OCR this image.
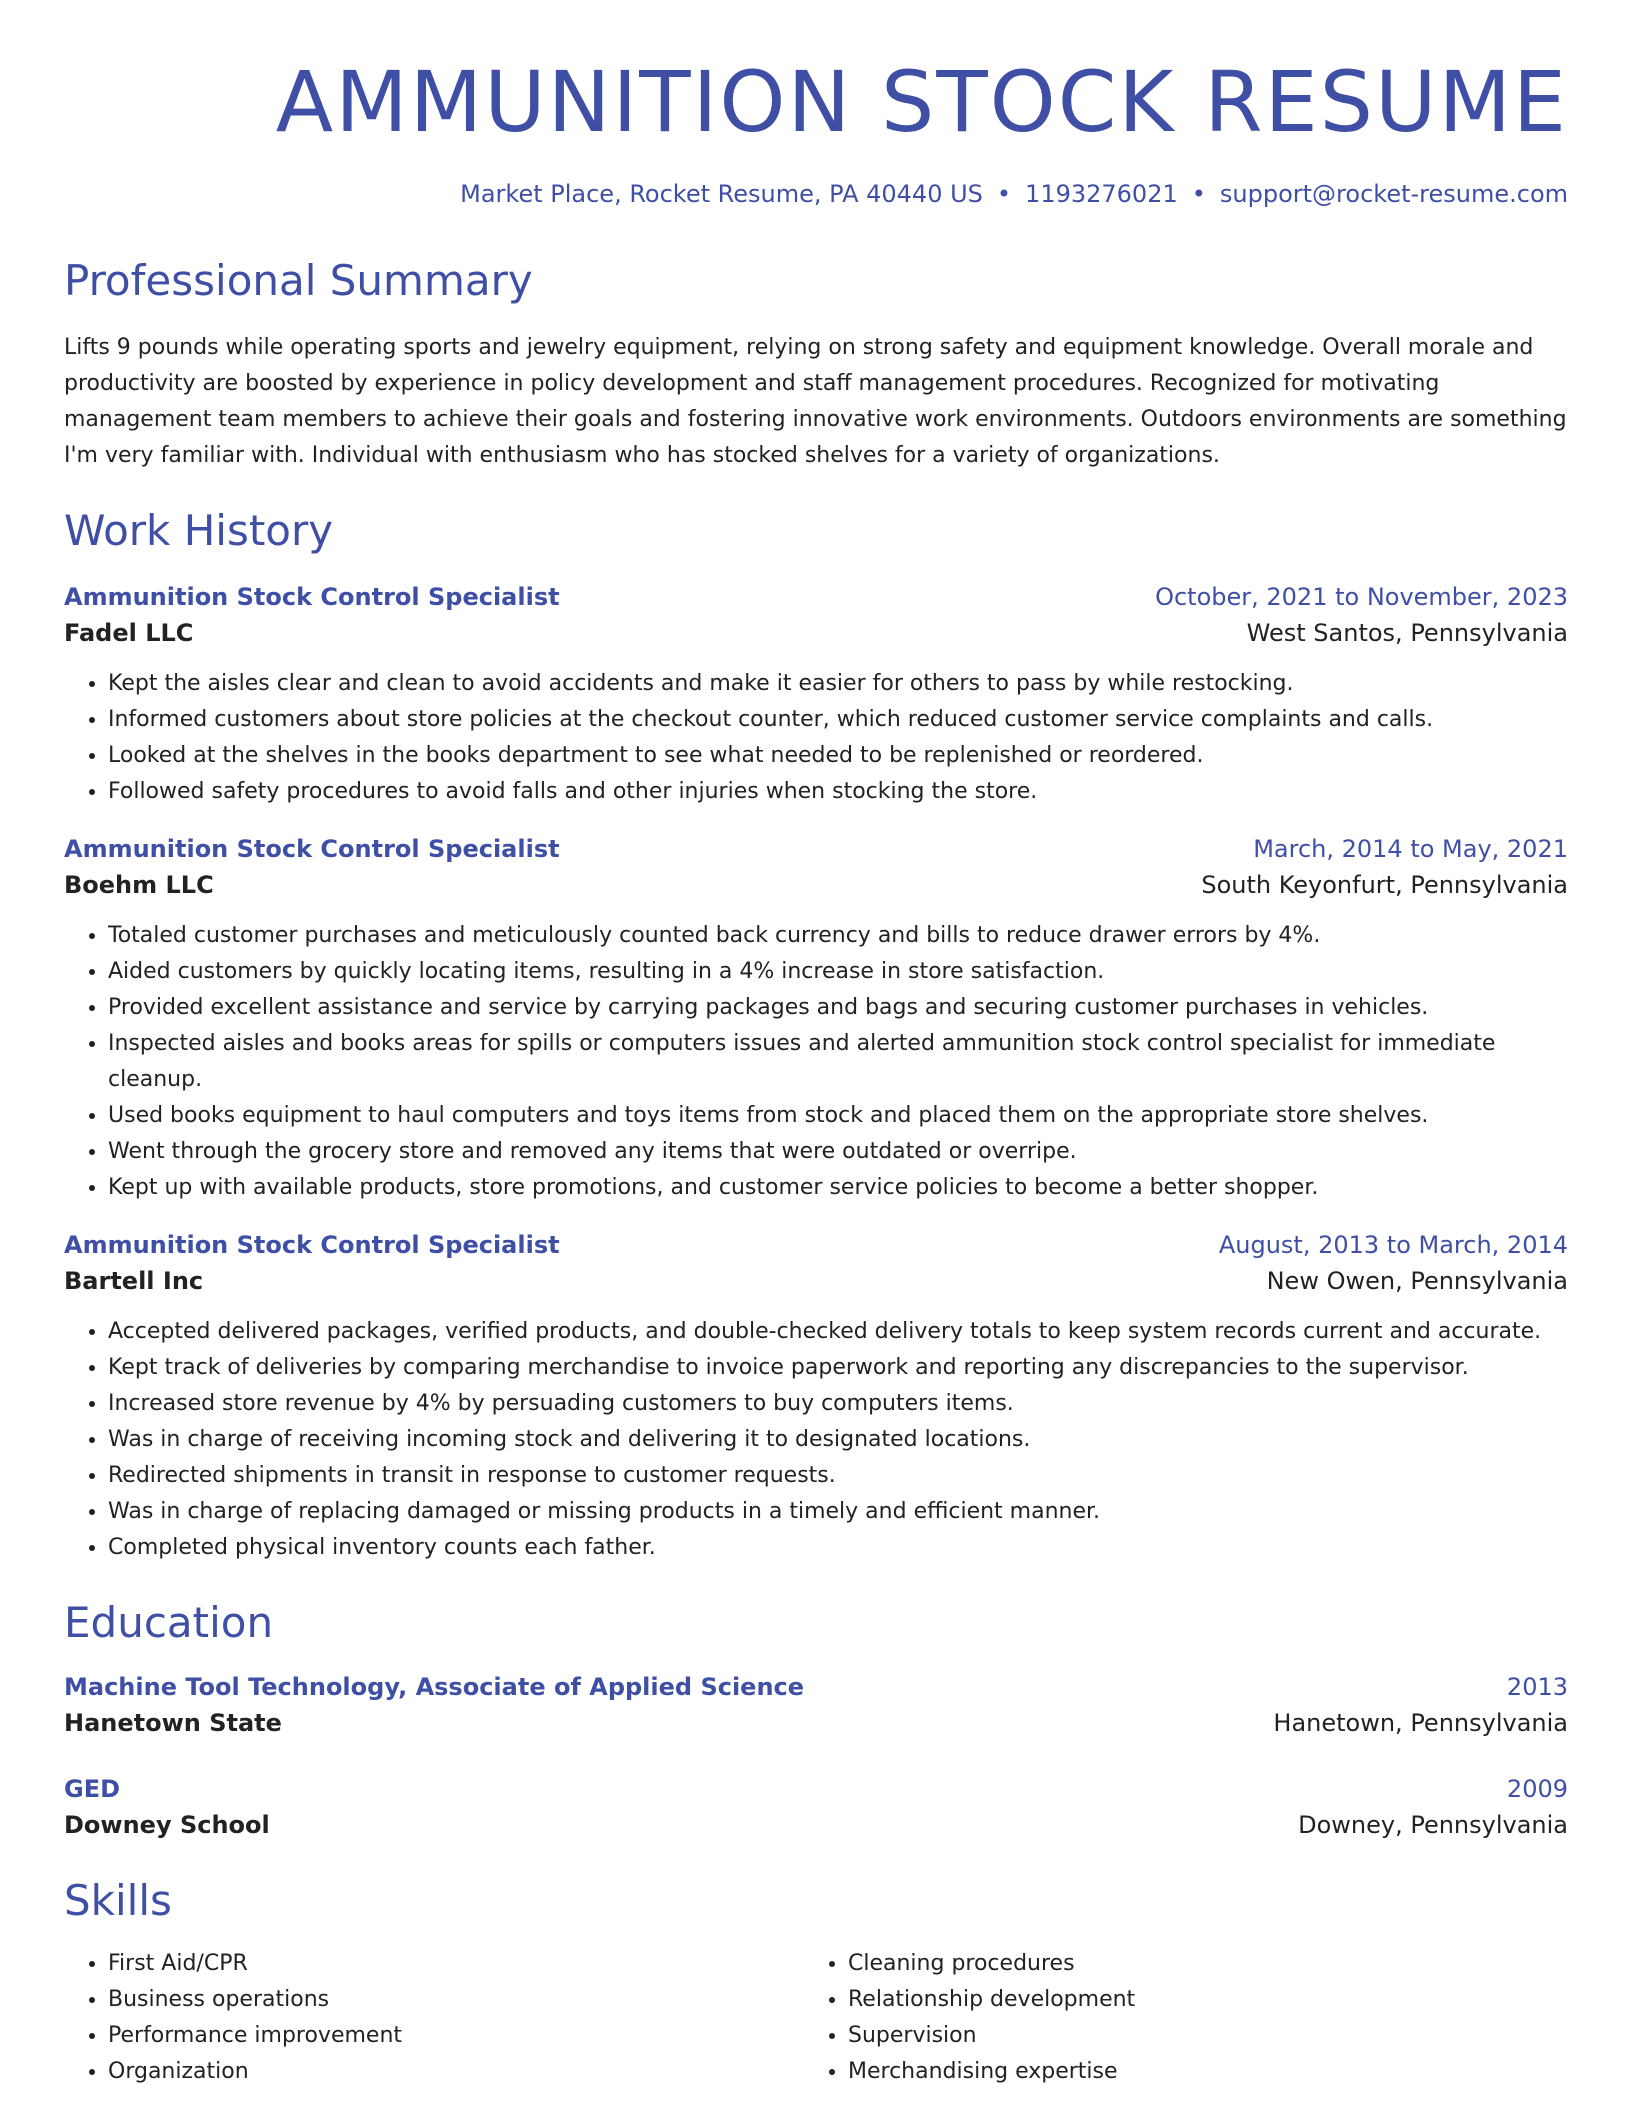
AMMUNITION STOCK RESUME
Market Place, Rocket Resume, PA 40440 US • 1193276021 • support@rocket-resume.com
Professional Summary
Lifts 9 pounds while operating sports and jewelry equipment, relying on strong safety and equipment knowledge. Overall morale and productivity are boosted by experience in policy development and staff management procedures. Recognized for motivating management team members to achieve their goals and fostering innovative work environments. Outdoors environments are something I'm very familiar with. Individual with enthusiasm who has stocked shelves for a variety of organizations.
Work History
Ammunition Stock Control Specialist	October, 2021 to November, 2023
Fadel LLC	West Santos, Pennsylvania
• Kept the aisles clear and clean to avoid accidents and make it easier for others to pass by while restocking.
• Informed customers about store policies at the checkout counter, which reduced customer service complaints and calls.
• Looked at the shelves in the books department to see what needed to be replenished or reordered.
• Followed safety procedures to avoid falls and other injuries when stocking the store.
Ammunition Stock Control Specialist	March, 2014 to May, 2021
Boehm LLC	South Keyonfurt, Pennsylvania
• Totaled customer purchases and meticulously counted back currency and bills to reduce drawer errors by 4%.
• Aided customers by quickly locating items, resulting in a 4% increase in store satisfaction.
• Provided excellent assistance and service by carrying packages and bags and securing customer purchases in vehicles.
• Inspected aisles and books areas for spills or computers issues and alerted ammunition stock control specialist for immediate cleanup.
• Used books equipment to haul computers and toys items from stock and placed them on the appropriate store shelves.
• Went through the grocery store and removed any items that were outdated or overripe.
• Kept up with available products, store promotions, and customer service policies to become a better shopper.
Ammunition Stock Control Specialist	August, 2013 to March, 2014
Bartell Inc	New Owen, Pennsylvania
• Accepted delivered packages, verified products, and double-checked delivery totals to keep system records current and accurate.
• Kept track of deliveries by comparing merchandise to invoice paperwork and reporting any discrepancies to the supervisor.
• Increased store revenue by 4% by persuading customers to buy computers items.
• Was in charge of receiving incoming stock and delivering it to designated locations.
• Redirected shipments in transit in response to customer requests.
• Was in charge of replacing damaged or missing products in a timely and efficient manner.
• Completed physical inventory counts each father.
Education
Machine Tool Technology, Associate of Applied Science	2013
Hanetown State	Hanetown, Pennsylvania
GED	2009
Downey School	Downey, Pennsylvania
Skills
• First Aid/CPR
• Business operations
• Performance improvement
• Organization
• Cleaning procedures
• Relationship development
• Supervision
• Merchandising expertise
